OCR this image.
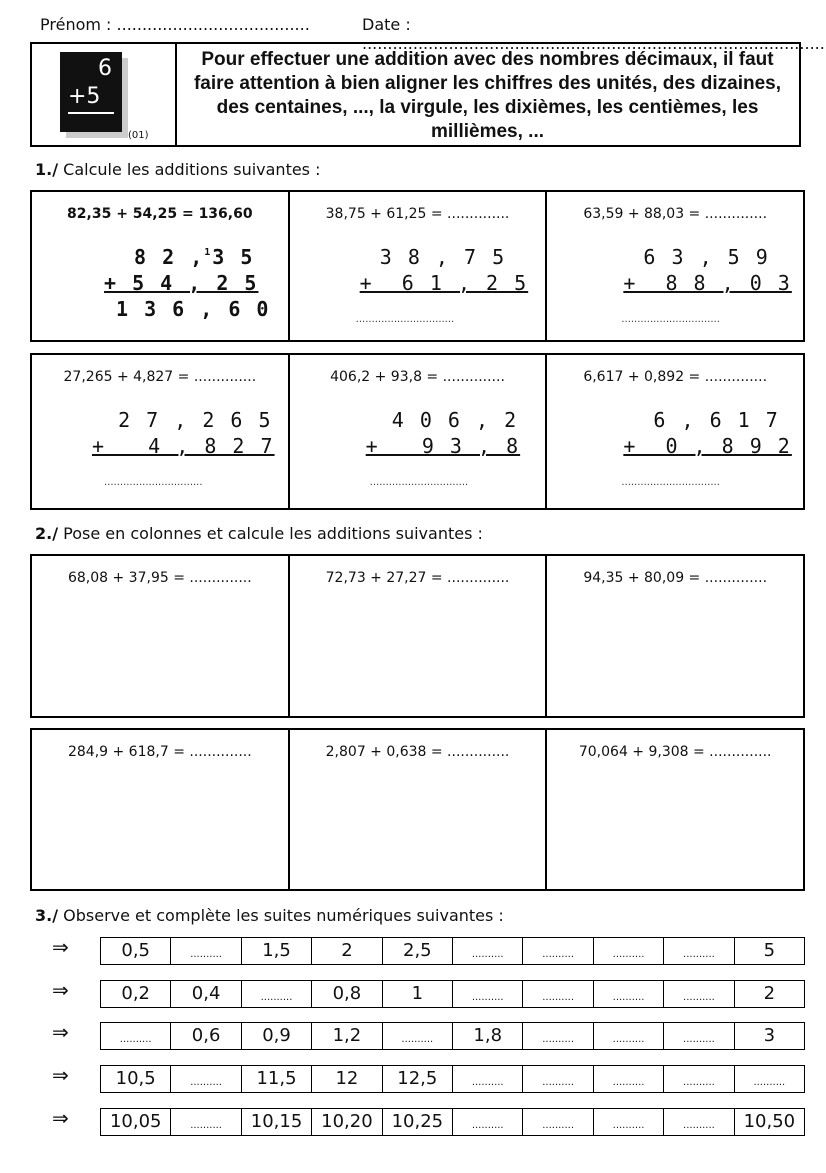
Prénom : ......................................	Date : ...........................................................................................
6
+5
(01)
Pour effectuer une addition avec des nombres décimaux, il faut faire attention à bien aligner les chiffres des unités, des dizaines, des centaines, ..., la virgule, les dixièmes, les centièmes, les millièmes, ...
1./ Calcule les additions suivantes :
82,35 + 54,25 = 136,60
8 2 ,$^1$3 5
+ 5 4 , 2 5
1 3 6 , 6 0
38,75 + 61,25 = ..............
3 8 , 7 5
+  6 1 , 2 5
...............................
63,59 + 88,03 = ..............
6 3 , 5 9
+  8 8 , 0 3
...............................
27,265 + 4,827 = ..............
2 7 , 2 6 5
+   4 , 8 2 7
...............................
406,2 + 93,8 = ..............
4 0 6 , 2
+   9 3 , 8
...............................
6,617 + 0,892 = ..............
6 , 6 1 7
+  0 , 8 9 2
...............................
2./ Pose en colonnes et calcule les additions suivantes :
68,08 + 37,95 = ..............	72,73 + 27,27 = ..............	94,35 + 80,09 = ..............
284,9 + 618,7 = ..............	2,807 + 0,638 = ..............	70,064 + 9,308 = ..............
3./ Observe et complète les suites numériques suivantes :
⇒	0,5	..........	1,5	2	2,5	..........	..........	..........	..........	5
⇒	0,2	0,4	..........	0,8	1	..........	..........	..........	..........	2
⇒	..........	0,6	0,9	1,2	..........	1,8	..........	..........	..........	3
⇒	10,5	..........	11,5	12	12,5	..........	..........	..........	..........	..........
⇒	10,05	..........	10,15	10,20	10,25	..........	..........	..........	..........	10,50
